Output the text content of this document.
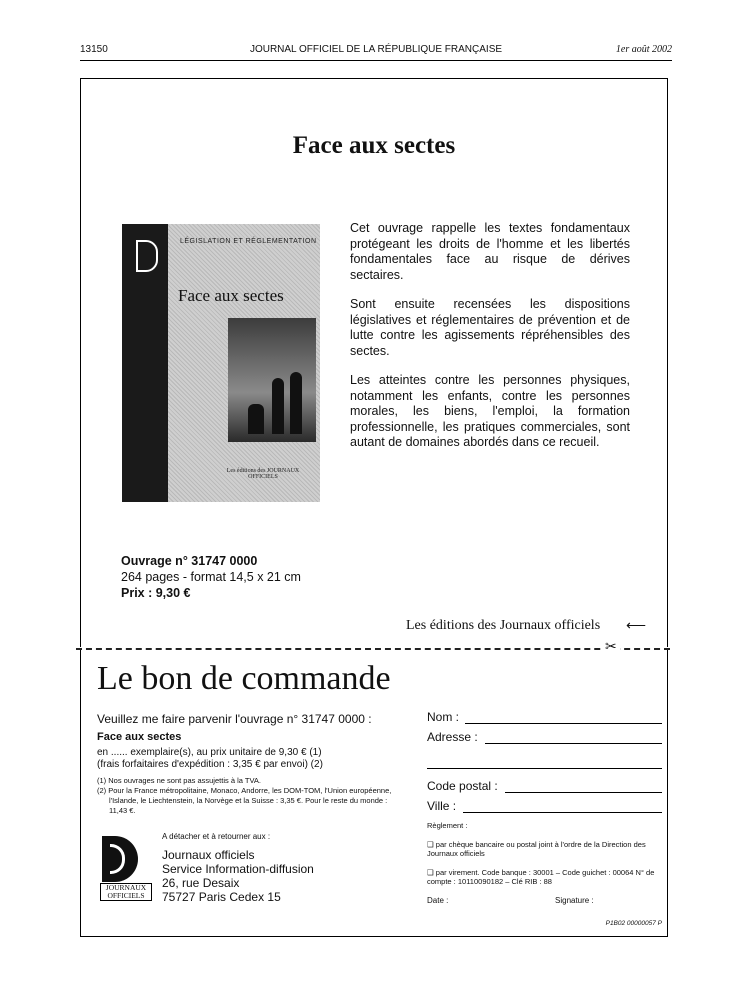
13150	JOURNAL OFFICIEL DE LA RÉPUBLIQUE FRANÇAISE	1er août 2002
✂
Face aux sectes
LÉGISLATION ET RÉGLEMENTATION
Face aux sectes
Les éditions des JOURNAUX OFFICIELS

Cet ouvrage rappelle les textes fondamentaux protégeant les droits de l'homme et les libertés fondamentales face au risque de dérives sectaires.

Sont ensuite recensées les dispositions législatives et réglementaires de prévention et de lutte contre les agissements répréhensibles des sectes.

Les atteintes contre les personnes physiques, notamment les enfants, contre les personnes morales, les biens, l'emploi, la formation professionnelle, les pratiques commerciales, sont autant de domaines abordés dans ce recueil.

Ouvrage n° 31747 0000
264 pages - format 14,5 x 21 cm
Prix : 9,30 €
Les éditions des Journaux officiels ⟵
Le bon de commande
Veuillez me faire parvenir l'ouvrage n° 31747 0000 :
Face aux sectes
en ...... exemplaire(s), au prix unitaire de 9,30 € (1)
(frais forfaitaires d'expédition : 3,35 € par envoi) (2)
(1) Nos ouvrages ne sont pas assujettis à la TVA.
(2) Pour la France métropolitaine, Monaco, Andorre, les DOM-TOM, l'Union européenne, l'Islande, le Liechtenstein, la Norvège et la Suisse : 3,35 €. Pour le reste du monde : 11,43 €.
JOURNAUX
OFFICIELS
A détacher et à retourner aux :
Journaux officiels
Service Information-diffusion
26, rue Desaix
75727 Paris Cedex 15
Nom :
Adresse :
Code postal :
Ville :
Règlement :
❑ par chèque bancaire ou postal joint à l'ordre de la Direction des Journaux officiels
❑ par virement. Code banque : 30001 – Code guichet : 00064 N° de compte : 10110090182 – Clé RIB : 88
Date :	Signature :
P1B02 00000057 P
